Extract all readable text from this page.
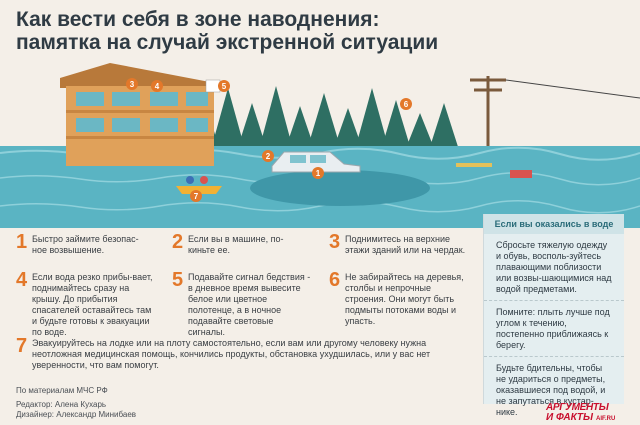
Как вести себя в зоне наводнения:
памятка на случай экстренной ситуации
1
2
3	4	5
6
7
1 Быстро займите безопас-ное возвышение.	2 Если вы в машине, по-киньте ее.	3 Поднимитесь на верхние этажи зданий или на чердак.
4 Если вода резко прибы-вает, поднимайтесь сразу на крышу. До прибытия спасателей оставайтесь там и будьте готовы к эвакуации по воде.
5 Подавайте сигнал бедствия - в дневное время вывесите белое или цветное полотенце, а в ночное подавайте световые сигналы.
6 Не забирайтесь на деревья, столбы и непрочные строения. Они могут быть подмыты потоками воды и упасть.
7 Эвакуируйтесь на лодке или на плоту самостоятельно, если вам или другому человеку нужна неотложная медицинская помощь, кончились продукты, обстановка ухудшилась, или у вас нет уверенности, что вам помогут.
Если вы оказались в воде

Сбросьте тяжелую одежду и обувь, восполь-зуйтесь плавающими поблизости или возвы-шающимися над водой предметами.

Помните: плыть лучше под углом к течению, постепенно приближаясь к берегу.

Будьте бдительны, чтобы не удариться о предметы, оказавшиеся под водой, и не запутаться в кустар-нике.

По материалам МЧС РФ
Редактор: Алена Кухарь
Дизайнер: Александр Минибаев
АРГУМЕНТЫ
И ФАКТЫ AIF.RU
